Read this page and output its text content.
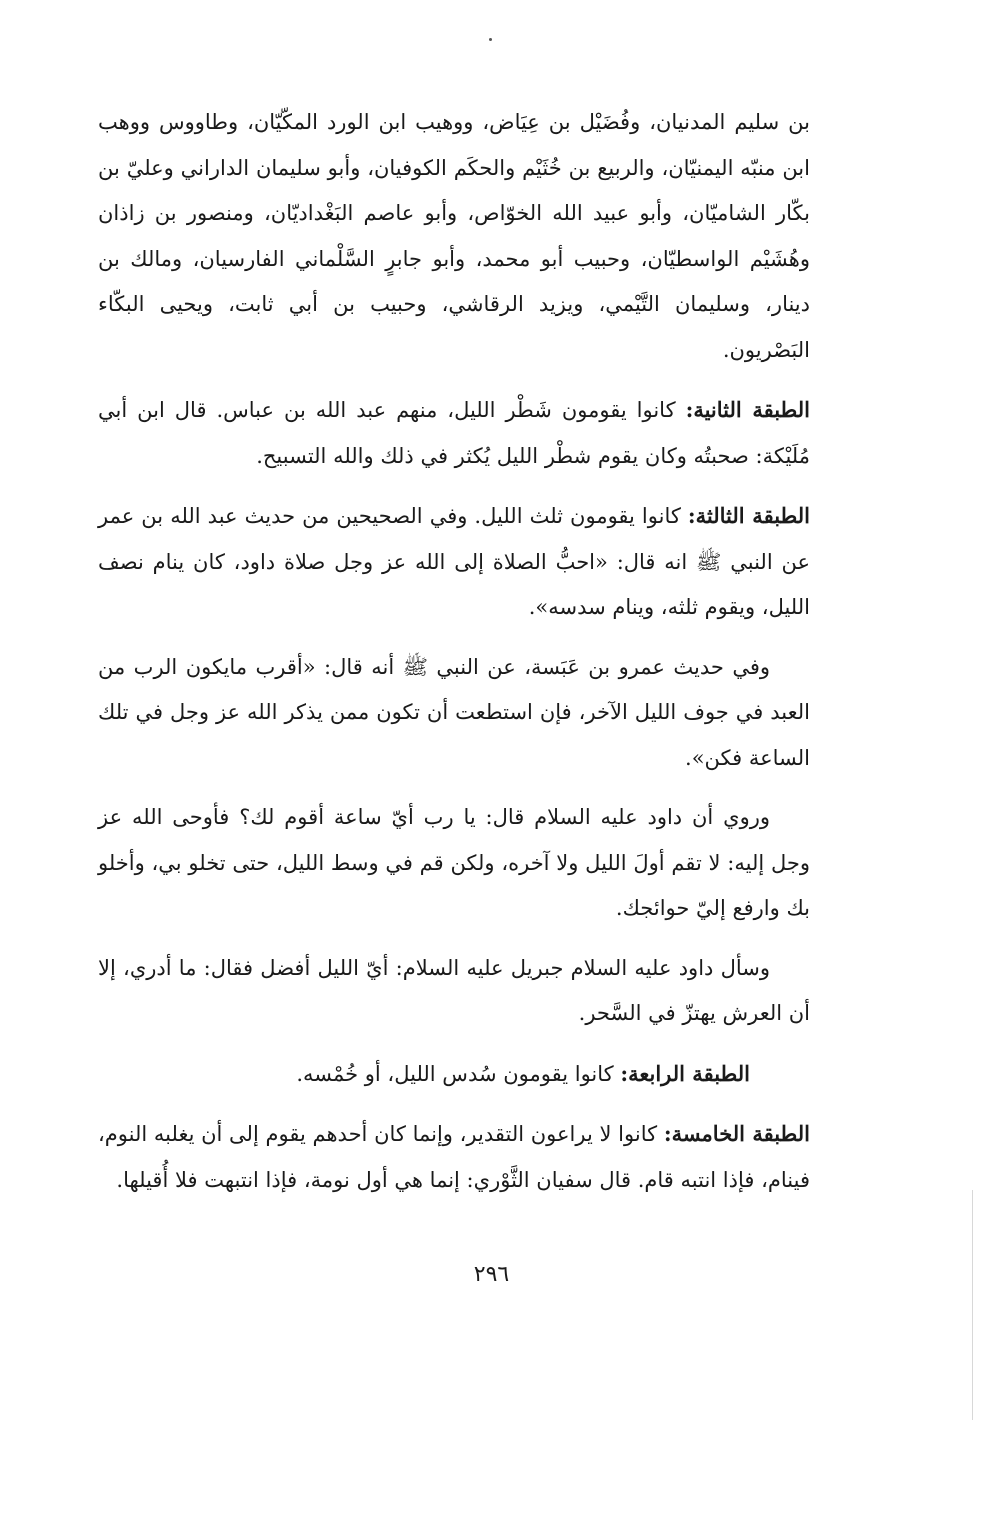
بن سليم المدنيان، وفُضَيْل بن عِيَاض، ووهيب ابن الورد المكّيّان، وطاووس ووهب ابن منبّه اليمنيّان، والربيع بن خُثَيْم والحكَم الكوفيان، وأبو سليمان الداراني وعليّ بن بكّار الشاميّان، وأبو عبيد الله الخوّاص، وأبو عاصم البَغْداديّان، ومنصور بن زاذان وهُشَيْم الواسطيّان، وحبيب أبو محمد، وأبو جابرٍ السَّلْماني الفارسيان، ومالك بن دينار، وسليمان التَّيْمي، ويزيد الرقاشي، وحبيب بن أبي ثابت، ويحيى البكّاء البَصْريون.

الطبقة الثانية: كانوا يقومون شَطْر الليل، منهم عبد الله بن عباس. قال ابن أبي مُلَيْكة: صحبتُه وكان يقوم شطْر الليل يُكثر في ذلك والله التسبيح.

الطبقة الثالثة: كانوا يقومون ثلث الليل. وفي الصحيحين من حديث عبد الله بن عمر عن النبي ﷺ انه قال: «احبُّ الصلاة إلى الله عز وجل صلاة داود، كان ينام نصف الليل، ويقوم ثلثه، وينام سدسه».

وفي حديث عمرو بن عَبَسة، عن النبي ﷺ أنه قال: «أقرب مايكون الرب من العبد في جوف الليل الآخر، فإن استطعت أن تكون ممن يذكر الله عز وجل في تلك الساعة فكن».

وروي أن داود عليه السلام قال: يا رب أيّ ساعة أقوم لك؟ فأوحى الله عز وجل إليه: لا تقم أولَ الليل ولا آخره، ولكن قم في وسط الليل، حتى تخلو بي، وأخلو بك وارفع إليّ حوائجك.

وسأل داود عليه السلام جبريل عليه السلام: أيّ الليل أفضل فقال: ما أدري، إلا أن العرش يهتزّ في السَّحر.

الطبقة الرابعة: كانوا يقومون سُدس الليل، أو خُمْسه.

الطبقة الخامسة: كانوا لا يراعون التقدير، وإنما كان أحدهم يقوم إلى أن يغلبه النوم، فينام، فإذا انتبه قام. قال سفيان الثَّوْري: إنما هي أول نومة، فإذا انتبهت فلا أُقيلها.

٢٩٦
